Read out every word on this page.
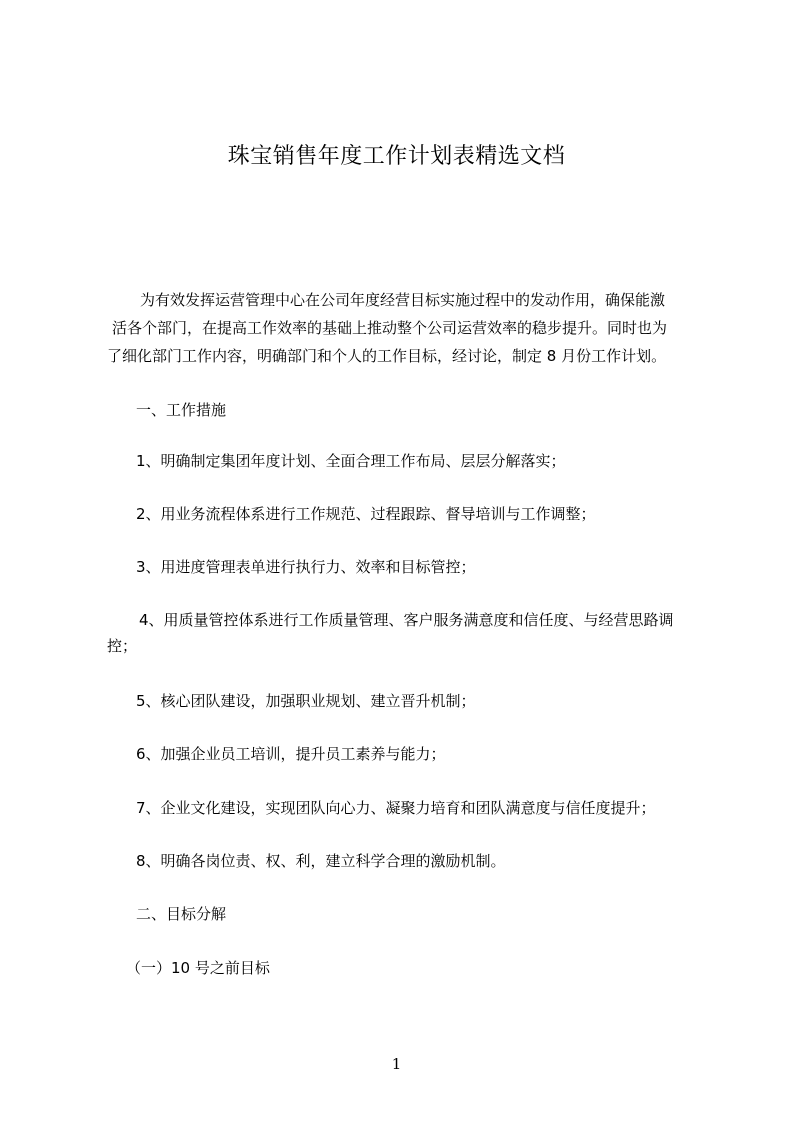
珠宝销售年度工作计划表精选文档
为有效发挥运营管理中心在公司年度经营目标实施过程中的发动作用，确保能激
活各个部门，在提高工作效率的基础上推动整个公司运营效率的稳步提升。同时也为
了细化部门工作内容，明确部门和个人的工作目标，经讨论，制定 8 月份工作计划。
一、工作措施
1、明确制定集团年度计划、全面合理工作布局、层层分解落实；
2、用业务流程体系进行工作规范、过程跟踪、督导培训与工作调整；
3、用进度管理表单进行执行力、效率和目标管控；
4、用质量管控体系进行工作质量管理、客户服务满意度和信任度、与经营思路调
控；
5、核心团队建设，加强职业规划、建立晋升机制；
6、加强企业员工培训，提升员工素养与能力；
7、企业文化建设，实现团队向心力、凝聚力培育和团队满意度与信任度提升；
8、明确各岗位责、权、利，建立科学合理的激励机制。
二、目标分解
（一）10 号之前目标
1
